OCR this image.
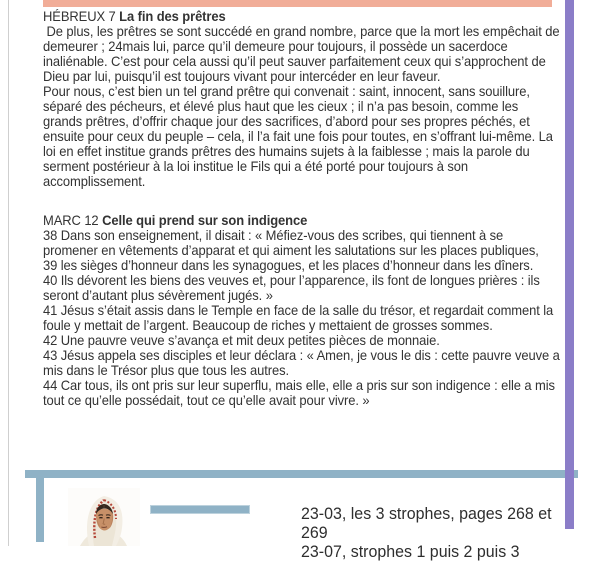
HÉBREUX 7 La fin des prêtres

De plus, les prêtres se sont succédé en grand nombre, parce que la mort les empêchait de demeurer ; 24mais lui, parce qu’il demeure pour toujours, il possède un sacerdoce inaliénable. C’est pour cela aussi qu’il peut sauver parfaitement ceux qui s’approchent de Dieu par lui, puisqu’il est toujours vivant pour intercéder en leur faveur.

Pour nous, c’est bien un tel grand prêtre qui convenait : saint, innocent, sans souillure, séparé des pécheurs, et élevé plus haut que les cieux ; il n’a pas besoin, comme les grands prêtres, d’offrir chaque jour des sacrifices, d’abord pour ses propres péchés, et ensuite pour ceux du peuple – cela, il l’a fait une fois pour toutes, en s’offrant lui-même. La loi en effet institue grands prêtres des humains sujets à la faiblesse ; mais la parole du serment postérieur à la loi institue le Fils qui a été porté pour toujours à son accomplissement.

MARC 12 Celle qui prend sur son indigence

38 Dans son enseignement, il disait : « Méfiez-vous des scribes, qui tiennent à se promener en vêtements d’apparat et qui aiment les salutations sur les places publiques,

39 les sièges d’honneur dans les synagogues, et les places d’honneur dans les dîners.

40 Ils dévorent les biens des veuves et, pour l’apparence, ils font de longues prières : ils seront d’autant plus sévèrement jugés. »

41 Jésus s’était assis dans le Temple en face de la salle du trésor, et regardait comment la foule y mettait de l’argent. Beaucoup de riches y mettaient de grosses sommes.

42 Une pauvre veuve s’avança et mit deux petites pièces de monnaie.

43 Jésus appela ses disciples et leur déclara : « Amen, je vous le dis : cette pauvre veuve a mis dans le Trésor plus que tous les autres.

44 Car tous, ils ont pris sur leur superflu, mais elle, elle a pris sur son indigence : elle a mis tout ce qu’elle possédait, tout ce qu’elle avait pour vivre. »

23-03, les 3 strophes, pages 268 et
269
23-07, strophes 1 puis 2 puis 3
